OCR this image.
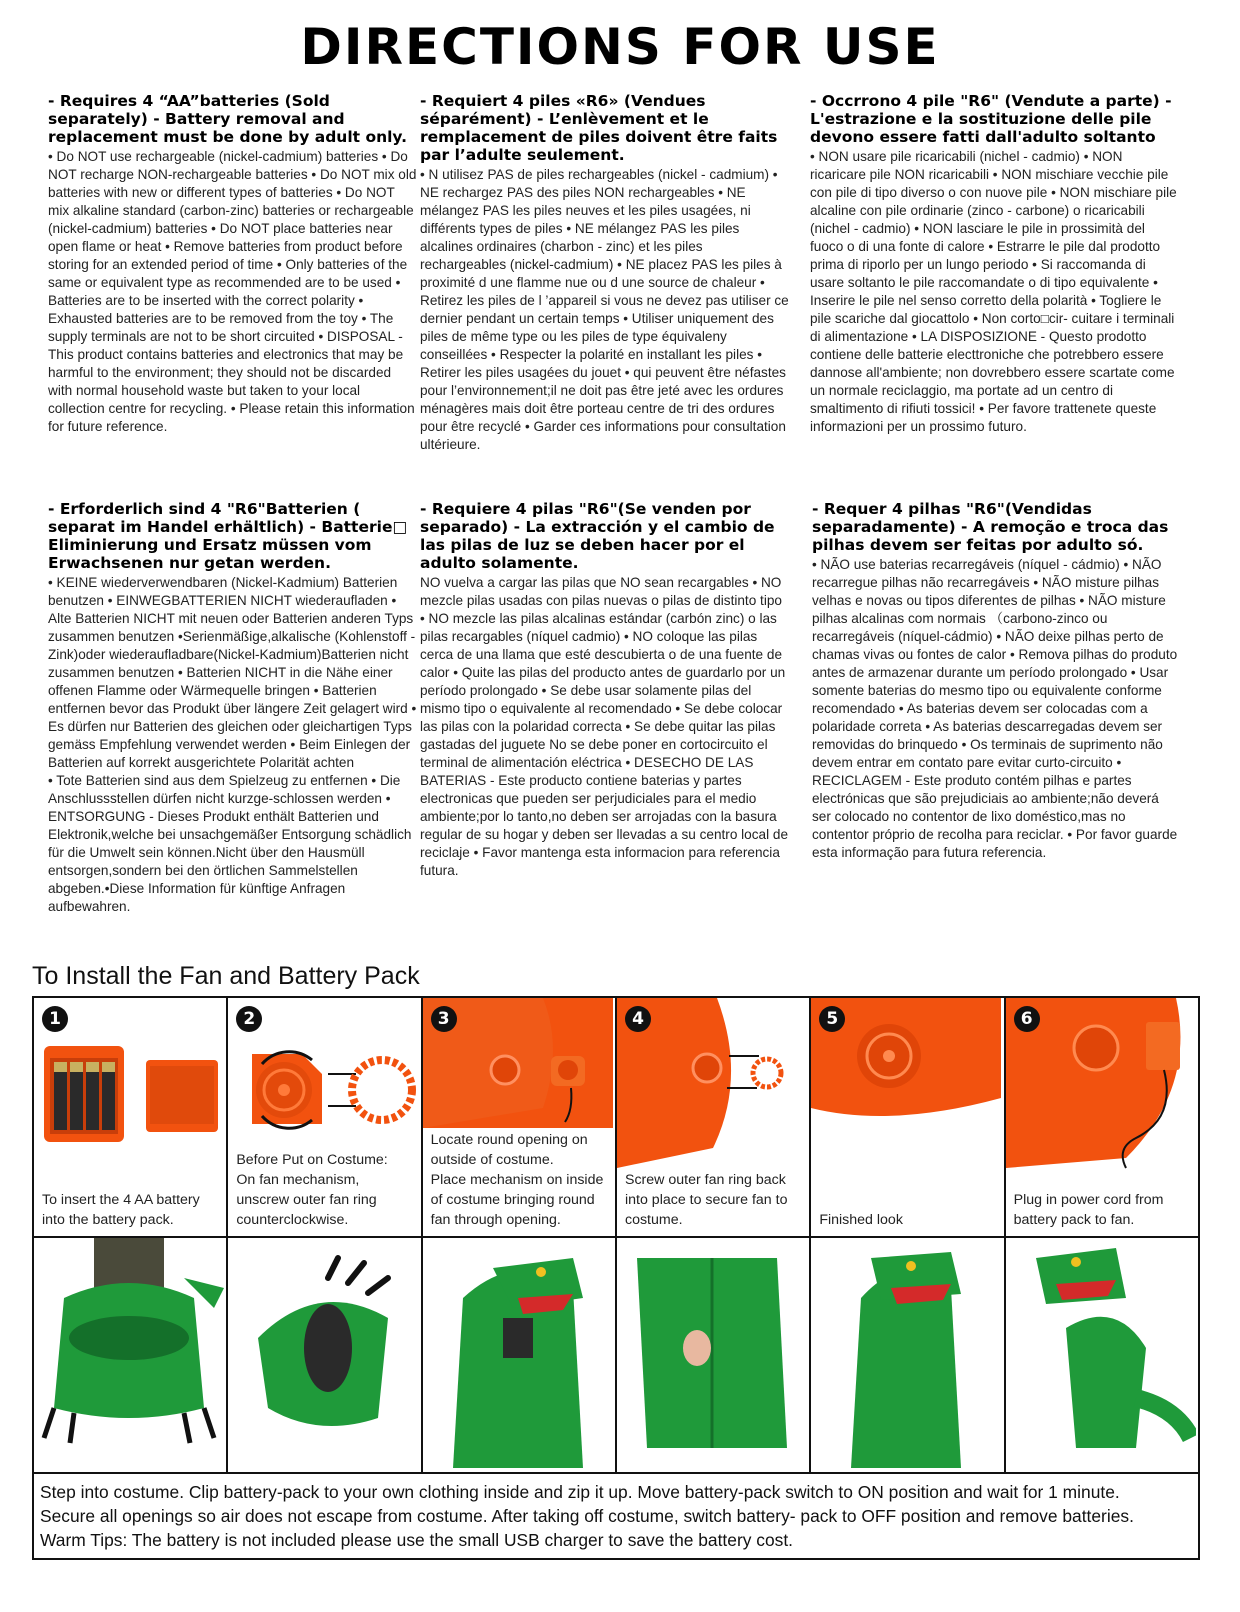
DIRECTIONS FOR USE
- Requires 4 “AA”batteries (Sold separately) - Battery removal and replacement must be done by adult only.

• Do NOT use rechargeable (nickel-cadmium) batteries • Do NOT recharge NON-rechargeable batteries • Do NOT mix old batteries with new or different types of batteries • Do NOT mix alkaline standard (carbon-zinc) batteries or rechargeable (nickel-cadmium) batteries • Do NOT place batteries near open flame or heat • Remove batteries from product before storing for an extended period of time • Only batteries of the same or equivalent type as recommended are to be used • Batteries are to be inserted with the correct polarity • Exhausted batteries are to be removed from the toy • The supply terminals are not to be short circuited • DISPOSAL - This product contains batteries and electronics that may be harmful to the environment; they should not be discarded with normal household waste but taken to your local collection centre for recycling. • Please retain this information for future reference.

- Requiert 4 piles «R6» (Vendues séparément) - L’enlèvement et le remplacement de piles doivent être faits par l’adulte seulement.

• N utilisez PAS de piles rechargeables (nickel - cadmium) • NE rechargez PAS des piles NON rechargeables • NE mélangez PAS les piles neuves et les piles usagées, ni différents types de piles • NE mélangez PAS les piles alcalines ordinaires (charbon - zinc) et les piles rechargeables (nickel-cadmium) • NE placez PAS les piles à proximité d une flamme nue ou d une source de chaleur • Retirez les piles de l ’appareil si vous ne devez pas utiliser ce dernier pendant un certain temps • Utiliser uniquement des piles de même type ou les piles de type équivaleny conseillées • Respecter la polarité en installant les piles • Retirer les piles usagées du jouet • qui peuvent être néfastes pour l’environnement;il ne doit pas être jeté avec les ordures ménagères mais doit être porteau centre de tri des ordures pour être recyclé • Garder ces informations pour consultation ultérieure.

- Occrrono 4 pile "R6" (Vendute a parte) - L'estrazione e la sostituzione delle pile devono essere fatti dall'adulto soltanto

• NON usare pile ricaricabili (nichel - cadmio) • NON ricaricare pile NON ricaricabili • NON mischiare vecchie pile con pile di tipo diverso o con nuove pile • NON mischiare pile alcaline con pile ordinarie (zinco - carbone) o ricaricabili (nichel - cadmio) • NON lasciare le pile in prossimità del fuoco o di una fonte di calore • Estrarre le pile dal prodotto prima di riporlo per un lungo periodo • Si raccomanda di usare soltanto le pile raccomandate o di tipo equivalente • Inserire le pile nel senso corretto della polarità • Togliere le pile scariche dal giocattolo • Non corto□cir- cuitare i terminali di alimentazione • LA DISPOSIZIONE - Questo prodotto contiene delle batterie electtroniche che potrebbero essere dannose all'ambiente; non dovrebbero essere scartate come un normale reciclaggio, ma portate ad un centro di smaltimento di rifiuti tossici! • Per favore trattenete queste informazioni per un prossimo futuro.

- Erforderlich sind 4 "R6"Batterien ( separat im Handel erhältlich) - Batterie□ Eliminierung und Ersatz müssen vom Erwachsenen nur getan werden.

• KEINE wiederverwendbaren (Nickel-Kadmium) Batterien benutzen • EINWEGBATTERIEN NICHT wiederaufladen • Alte Batterien NICHT mit neuen oder Batterien anderen Typs zusammen benutzen •Serienmäßige,alkalische (Kohlenstoff - Zink)oder wiederaufladbare(Nickel-Kadmium)Batterien nicht zusammen benutzen • Batterien NICHT in die Nähe einer offenen Flamme oder Wärmequelle bringen • Batterien entfernen bevor das Produkt über längere Zeit gelagert wird • Es dürfen nur Batterien des gleichen oder gleichartigen Typs gemäss Empfehlung verwendet werden • Beim Einlegen der Batterien auf korrekt ausgerichtete Polarität achten
• Tote Batterien sind aus dem Spielzeug zu entfernen • Die Anschlussstellen dürfen nicht kurzge-schlossen werden • ENTSORGUNG - Dieses Produkt enthält Batterien und Elektronik,welche bei unsachgemäßer Entsorgung schädlich für die Umwelt sein können.Nicht über den Hausmüll entsorgen,sondern bei den örtlichen Sammelstellen abgeben.•Diese Information für künftige Anfragen aufbewahren.

- Requiere 4 pilas "R6"(Se venden por separado) - La extracción y el cambio de las pilas de luz se deben hacer por el adulto solamente.

NO vuelva a cargar las pilas que NO sean recargables • NO mezcle pilas usadas con pilas nuevas o pilas de distinto tipo • NO mezcle las pilas alcalinas estándar (carbón zinc) o las pilas recargables (níquel cadmio) • NO coloque las pilas cerca de una llama que esté descubierta o de una fuente de calor • Quite las pilas del producto antes de guardarlo por un período prolongado • Se debe usar solamente pilas del mismo tipo o equivalente al recomendado • Se debe colocar las pilas con la polaridad correcta • Se debe quitar las pilas gastadas del juguete No se debe poner en cortocircuito el terminal de alimentación eléctrica • DESECHO DE LAS BATERIAS - Este producto contiene baterias y partes electronicas que pueden ser perjudiciales para el medio ambiente;por lo tanto,no deben ser arrojadas con la basura regular de su hogar y deben ser llevadas a su centro local de reciclaje • Favor mantenga esta informacion para referencia futura.

- Requer 4 pilhas "R6"(Vendidas separadamente) - A remoção e troca das pilhas devem ser feitas por adulto só.

• NÃO use baterias recarregáveis (níquel - cádmio) • NÃO recarregue pilhas não recarregáveis • NÃO misture pilhas velhas e novas ou tipos diferentes de pilhas • NÃO misture pilhas alcalinas com normais （carbono-zinco ou recarregáveis (níquel-cádmio) • NÃO deixe pilhas perto de chamas vivas ou fontes de calor • Remova pilhas do produto antes de armazenar durante um período prolongado • Usar somente baterias do mesmo tipo ou equivalente conforme recomendado • As baterias devem ser colocadas com a polaridade correta • As baterias descarregadas devem ser removidas do brinquedo • Os terminais de suprimento não devem entrar em contato pare evitar curto-circuito • RECICLAGEM - Este produto contém pilhas e partes electrónicas que são prejudiciais ao ambiente;não deverá ser colocado no contentor de lixo doméstico,mas no contentor próprio de recolha para reciclar. • Por favor guarde esta informação para futura referencia.

To Install the Fan and Battery Pack
1
To insert the 4 AA battery
into the battery pack.
2
Before Put on Costume:
On fan mechanism,
unscrew outer fan ring
counterclockwise.
3
Locate round opening on
outside of costume.
Place mechanism on inside
of costume bringing round
fan through opening.
4
Screw outer fan ring back
into place to secure fan to
costume.
5
Finished look
6
Plug in power cord from
battery pack to fan.
Step into costume. Clip battery-pack to your own clothing inside and zip it up. Move battery-pack switch to ON position and wait for 1 minute.
Secure all openings so air does not escape from costume. After taking off costume, switch battery- pack to OFF position and remove batteries.
Warm Tips: The battery is not included please use the small USB charger to save the battery cost.
